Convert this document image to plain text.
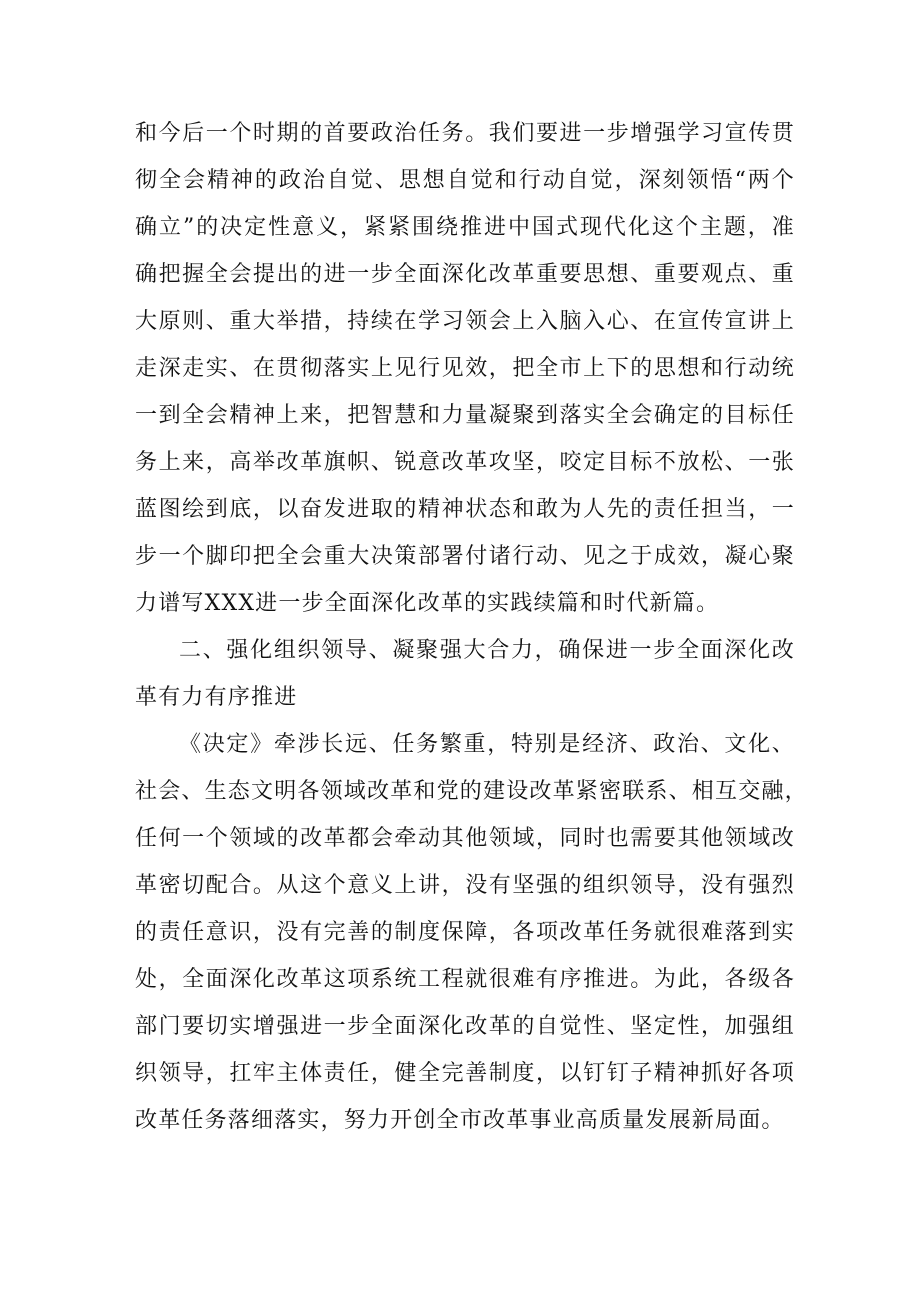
和今后一个时期的首要政治任务。我们要进一步增强学习宣传贯
彻全会精神的政治自觉、思想自觉和行动自觉，深刻领悟“两个
确立”的决定性意义，紧紧围绕推进中国式现代化这个主题，准
确把握全会提出的进一步全面深化改革重要思想、重要观点、重
大原则、重大举措，持续在学习领会上入脑入心、在宣传宣讲上
走深走实、在贯彻落实上见行见效，把全市上下的思想和行动统
一到全会精神上来，把智慧和力量凝聚到落实全会确定的目标任
务上来，高举改革旗帜、锐意改革攻坚，咬定目标不放松、一张
蓝图绘到底，以奋发进取的精神状态和敢为人先的责任担当，一
步一个脚印把全会重大决策部署付诸行动、见之于成效，凝心聚
力谱写XXX进一步全面深化改革的实践续篇和时代新篇。
二、强化组织领导、凝聚强大合力，确保进一步全面深化改
革有力有序推进
《决定》牵涉长远、任务繁重，特别是经济、政治、文化、
社会、生态文明各领域改革和党的建设改革紧密联系、相互交融，
任何一个领域的改革都会牵动其他领域，同时也需要其他领域改
革密切配合。从这个意义上讲，没有坚强的组织领导，没有强烈
的责任意识，没有完善的制度保障，各项改革任务就很难落到实
处，全面深化改革这项系统工程就很难有序推进。为此，各级各
部门要切实增强进一步全面深化改革的自觉性、坚定性，加强组
织领导，扛牢主体责任，健全完善制度，以钉钉子精神抓好各项
改革任务落细落实，努力开创全市改革事业高质量发展新局面。
